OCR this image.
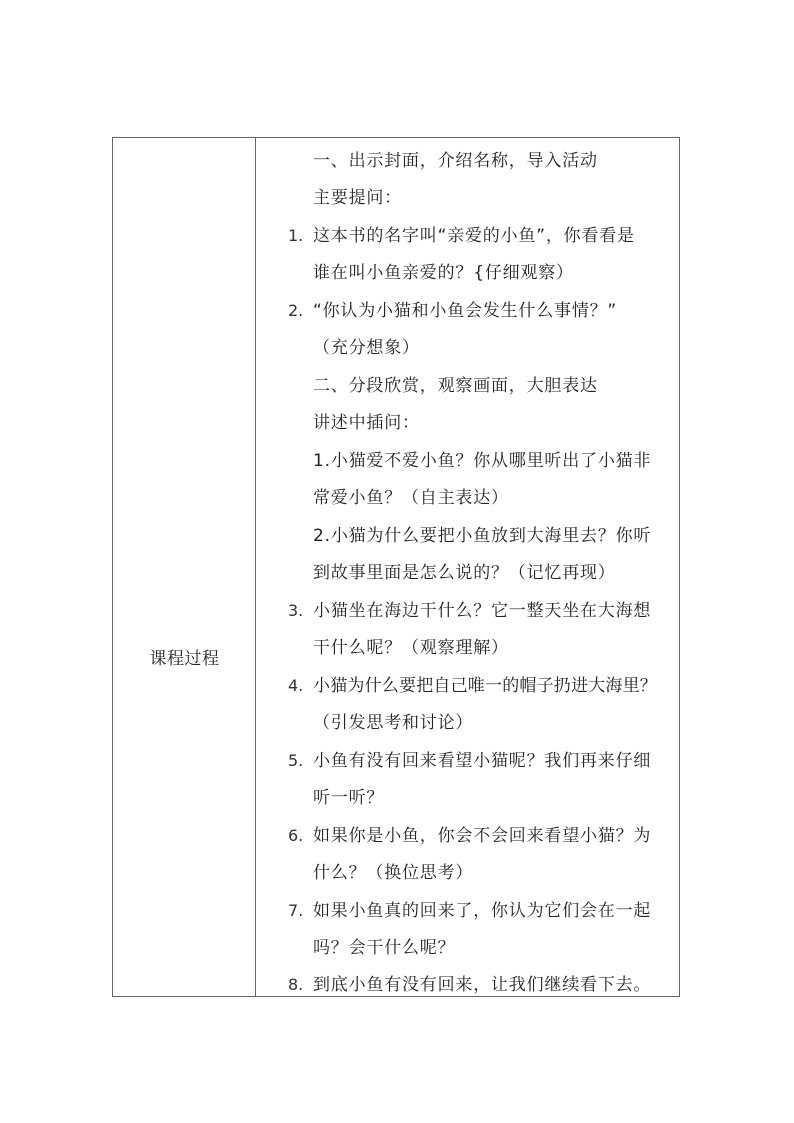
课程过程
一、出示封面，介绍名称，导入活动
主要提问：
1. 这本书的名字叫“亲爱的小鱼”，你看看是
谁在叫小鱼亲爱的？{仔细观察）
2. “你认为小猫和小鱼会发生什么事情？”
（充分想象）
二、分段欣赏，观察画面，大胆表达
讲述中插问：
1.小猫爱不爱小鱼？你从哪里听出了小猫非
常爱小鱼？（自主表达）
2.小猫为什么要把小鱼放到大海里去？你听
到故事里面是怎么说的？（记忆再现）
3. 小猫坐在海边干什么？它一整天坐在大海想
干什么呢？（观察理解）
4. 小猫为什么要把自己唯一的帽子扔进大海里？
（引发思考和讨论）
5. 小鱼有没有回来看望小猫呢？我们再来仔细
听一听？
6. 如果你是小鱼，你会不会回来看望小猫？为
什么？（换位思考）
7. 如果小鱼真的回来了，你认为它们会在一起
吗？会干什么呢？
8. 到底小鱼有没有回来，让我们继续看下去。
